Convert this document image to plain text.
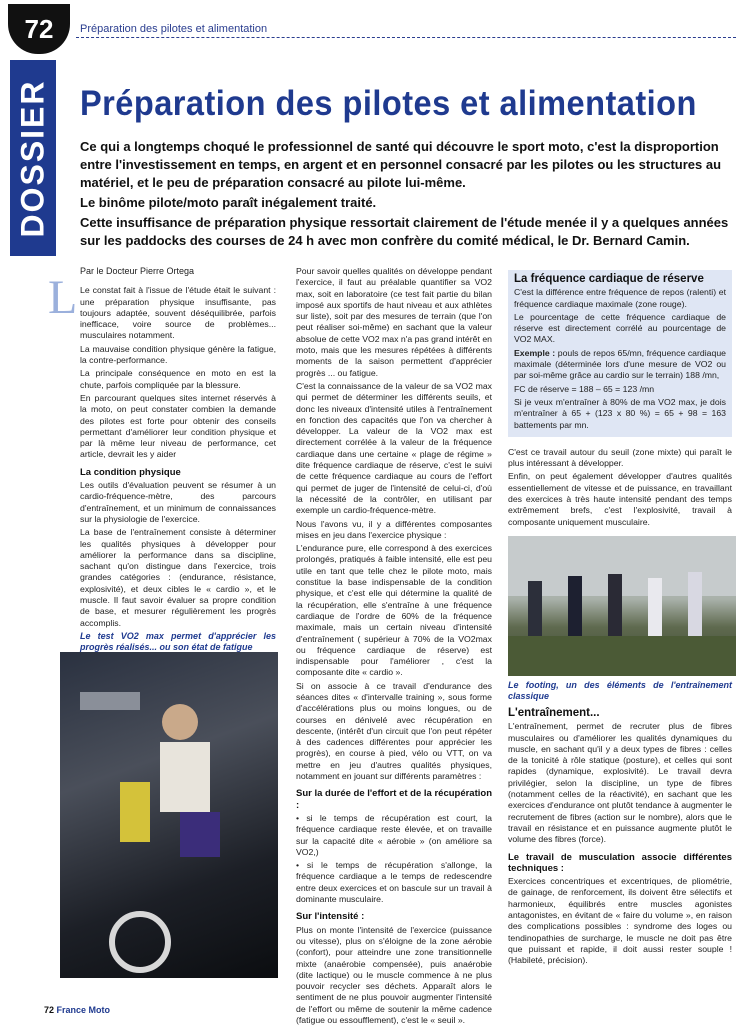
72	Préparation des pilotes et alimentation
DOSSIER Préparation des pilotes et alimentation

Ce qui a longtemps choqué le professionnel de santé qui découvre le sport moto, c'est la disproportion entre l'investissement en temps, en argent et en personnel consacré par les pilotes ou les structures au matériel, et le peu de préparation consacré au pilote lui-même.

Le binôme pilote/moto paraît inégalement traité.

Cette insuffisance de préparation physique ressortait clairement de l'étude menée il y a quelques années sur les paddocks des courses de 24 h avec mon confrère du comité médical, le Dr. Bernard Camin.

L Par le Docteur Pierre Ortega

Le constat fait à l'issue de l'étude était le suivant : une préparation physique insuffisante, pas toujours adaptée, souvent déséquilibrée, parfois inefficace, voire source de problèmes... musculaires notamment.

La mauvaise condition physique génère la fatigue, la contre-performance.

La principale conséquence en moto en est la chute, parfois compliquée par la blessure.

En parcourant quelques sites internet réservés à la moto, on peut constater combien la demande des pilotes est forte pour obtenir des conseils permettant d'améliorer leur condition physique et par là même leur niveau de performance, cet article, devrait les y aider

La condition physique

Les outils d'évaluation peuvent se résumer à un cardio-fréquence-mètre, des parcours d'entraînement, et un minimum de connaissances sur la physiologie de l'exercice.

La base de l'entraînement consiste à déterminer les qualités physiques à développer pour améliorer la performance dans sa discipline, sachant qu'on distingue dans l'exercice, trois grandes catégories : (endurance, résistance, explosivité), et deux cibles le « cardio », et le muscle. Il faut savoir évaluer sa propre condition de base, et mesurer régulièrement les progrès accomplis.

Le test VO2 max permet d'apprécier les progrès réalisés... ou son état de fatigue

Pour savoir quelles qualités on développe pendant l'exercice, il faut au préalable quantifier sa VO2 max, soit en laboratoire (ce test fait partie du bilan imposé aux sportifs de haut niveau et aux athlètes sur liste), soit par des mesures de terrain (que l'on peut réaliser soi-même) en sachant que la valeur absolue de cette VO2 max n'a pas grand intérêt en moto, mais que les mesures répétées à différents moments de la saison permettent d'apprécier progrès ... ou fatigue.

C'est la connaissance de la valeur de sa VO2 max qui permet de déterminer les différents seuils, et donc les niveaux d'intensité utiles à l'entraînement en fonction des capacités que l'on va chercher à développer. La valeur de la VO2 max est directement corrélée à la valeur de la fréquence cardiaque dans une certaine « plage de régime » dite fréquence cardiaque de réserve, c'est le suivi de cette fréquence cardiaque au cours de l'effort qui permet de juger de l'intensité de celui-ci, d'où la nécessité de la contrôler, en utilisant par exemple un cardio-fréquence-mètre.

Nous l'avons vu, il y a différentes composantes mises en jeu dans l'exercice physique :

L'endurance pure, elle correspond à des exercices prolongés, pratiqués à faible intensité, elle est peu utile en tant que telle chez le pilote moto, mais constitue la base indispensable de la condition physique, et c'est elle qui détermine la qualité de la récupération, elle s'entraîne à une fréquence cardiaque de l'ordre de 60% de la fréquence maximale, mais un certain niveau d'intensité d'entraînement ( supérieur à 70% de la VO2max ou fréquence cardiaque de réserve) est indispensable pour l'améliorer , c'est la composante dite « cardio ».

Si on associe à ce travail d'endurance des séances dites « d'intervalle training », sous forme d'accélérations plus ou moins longues, ou de courses en dénivelé avec récupération en descente, (intérêt d'un circuit que l'on peut répéter à des cadences différentes pour apprécier les progrès), en course à pied, vélo ou VTT, on va mettre en jeu d'autres qualités physiques, notamment en jouant sur différents paramètres :

Sur la durée de l'effort et de la récupération :

• si le temps de récupération est court, la fréquence cardiaque reste élevée, et on travaille sur la capacité dite « aérobie » (on améliore sa VO2,)

• si le temps de récupération s'allonge, la fréquence cardiaque a le temps de redescendre entre deux exercices et on bascule sur un travail à dominante musculaire.

Sur l'intensité :

Plus on monte l'intensité de l'exercice (puissance ou vitesse), plus on s'éloigne de la zone aérobie (confort), pour atteindre une zone transitionnelle mixte (anaérobie compensée), puis anaérobie (dite lactique) ou le muscle commence à ne plus pouvoir recycler ses déchets. Apparaît alors le sentiment de ne plus pouvoir augmenter l'intensité de l'effort ou même de soutenir la même cadence (fatigue ou essoufflement), c'est le « seuil ».

La fréquence cardiaque de réserve

C'est la différence entre fréquence de repos (ralenti) et fréquence cardiaque maximale (zone rouge).

Le pourcentage de cette fréquence cardiaque de réserve est directement corrélé au pourcentage de VO2 MAX.

Exemple : pouls de repos 65/mn, fréquence cardiaque maximale (déterminée lors d'une mesure de VO2 ou par soi-même grâce au cardio sur le terrain) 188 /mn,

FC de réserve = 188 – 65 = 123 /mn

Si je veux m'entraîner à 80% de ma VO2 max, je dois m'entraîner à 65 + (123 x 80 %) = 65 + 98 = 163 battements par mn.

C'est ce travail autour du seuil (zone mixte) qui paraît le plus intéressant à développer.

Enfin, on peut également développer d'autres qualités essentiellement de vitesse et de puissance, en travaillant des exercices à très haute intensité pendant des temps extrêmement brefs, c'est l'explosivité, travail à composante uniquement musculaire.

Le footing, un des éléments de l'entraînement classique

L'entraînement...

L'entraînement, permet de recruter plus de fibres musculaires ou d'améliorer les qualités dynamiques du muscle, en sachant qu'il y a deux types de fibres : celles de la tonicité à rôle statique (posture), et celles qui sont rapides (dynamique, explosivité). Le travail devra privilégier, selon la discipline, un type de fibres (notamment celles de la réactivité), en sachant que les exercices d'endurance ont plutôt tendance à augmenter le recrutement de fibres (action sur le nombre), alors que le travail en résistance et en puissance augmente plutôt le volume des fibres (force).

Le travail de musculation associe différentes techniques :

Exercices concentriques et excentriques, de pliométrie, de gainage, de renforcement, ils doivent être sélectifs et harmonieux, équilibrés entre muscles agonistes antagonistes, en évitant de « faire du volume », en raison des complications possibles : syndrome des loges ou tendinopathies de surcharge, le muscle ne doit pas être que puissant et rapide, il doit aussi rester souple ! (Habileté, précision).

72 France Moto
